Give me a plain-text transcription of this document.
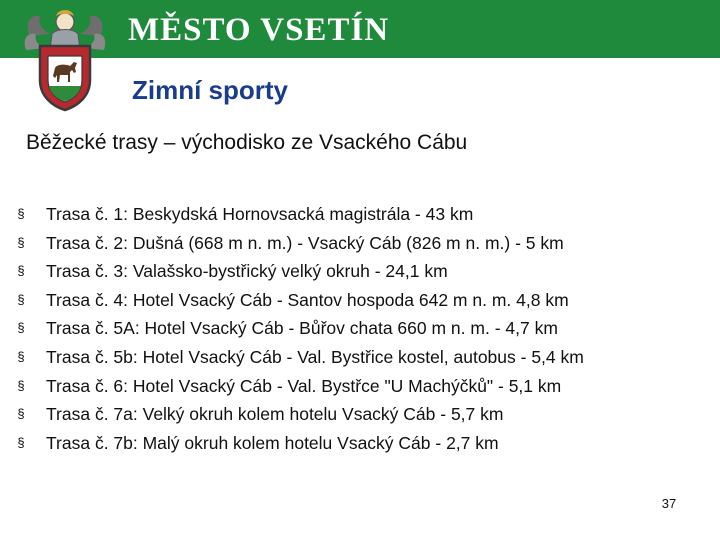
MĚSTO VSETÍN
Zimní sporty
Běžecké trasy – východisko ze Vsackého Cábu
§ Trasa č. 1: Beskydská Hornovsacká magistrála - 43 km
§ Trasa č. 2: Dušná (668 m n. m.) - Vsacký Cáb (826 m n. m.) - 5 km
§ Trasa č. 3: Valašsko-bystřický velký okruh - 24,1 km
§ Trasa č. 4: Hotel Vsacký Cáb - Santov hospoda 642 m n. m. 4,8 km
§ Trasa č. 5A: Hotel Vsacký Cáb - Bůřov chata 660 m n. m. - 4,7 km
§ Trasa č. 5b: Hotel Vsacký Cáb - Val. Bystřice kostel, autobus - 5,4 km
§ Trasa č. 6: Hotel Vsacký Cáb - Val. Bystřce "U Machýčků" - 5,1 km
§ Trasa č. 7a: Velký okruh kolem hotelu Vsacký Cáb - 5,7 km
§ Trasa č. 7b: Malý okruh kolem hotelu Vsacký Cáb - 2,7 km
37
